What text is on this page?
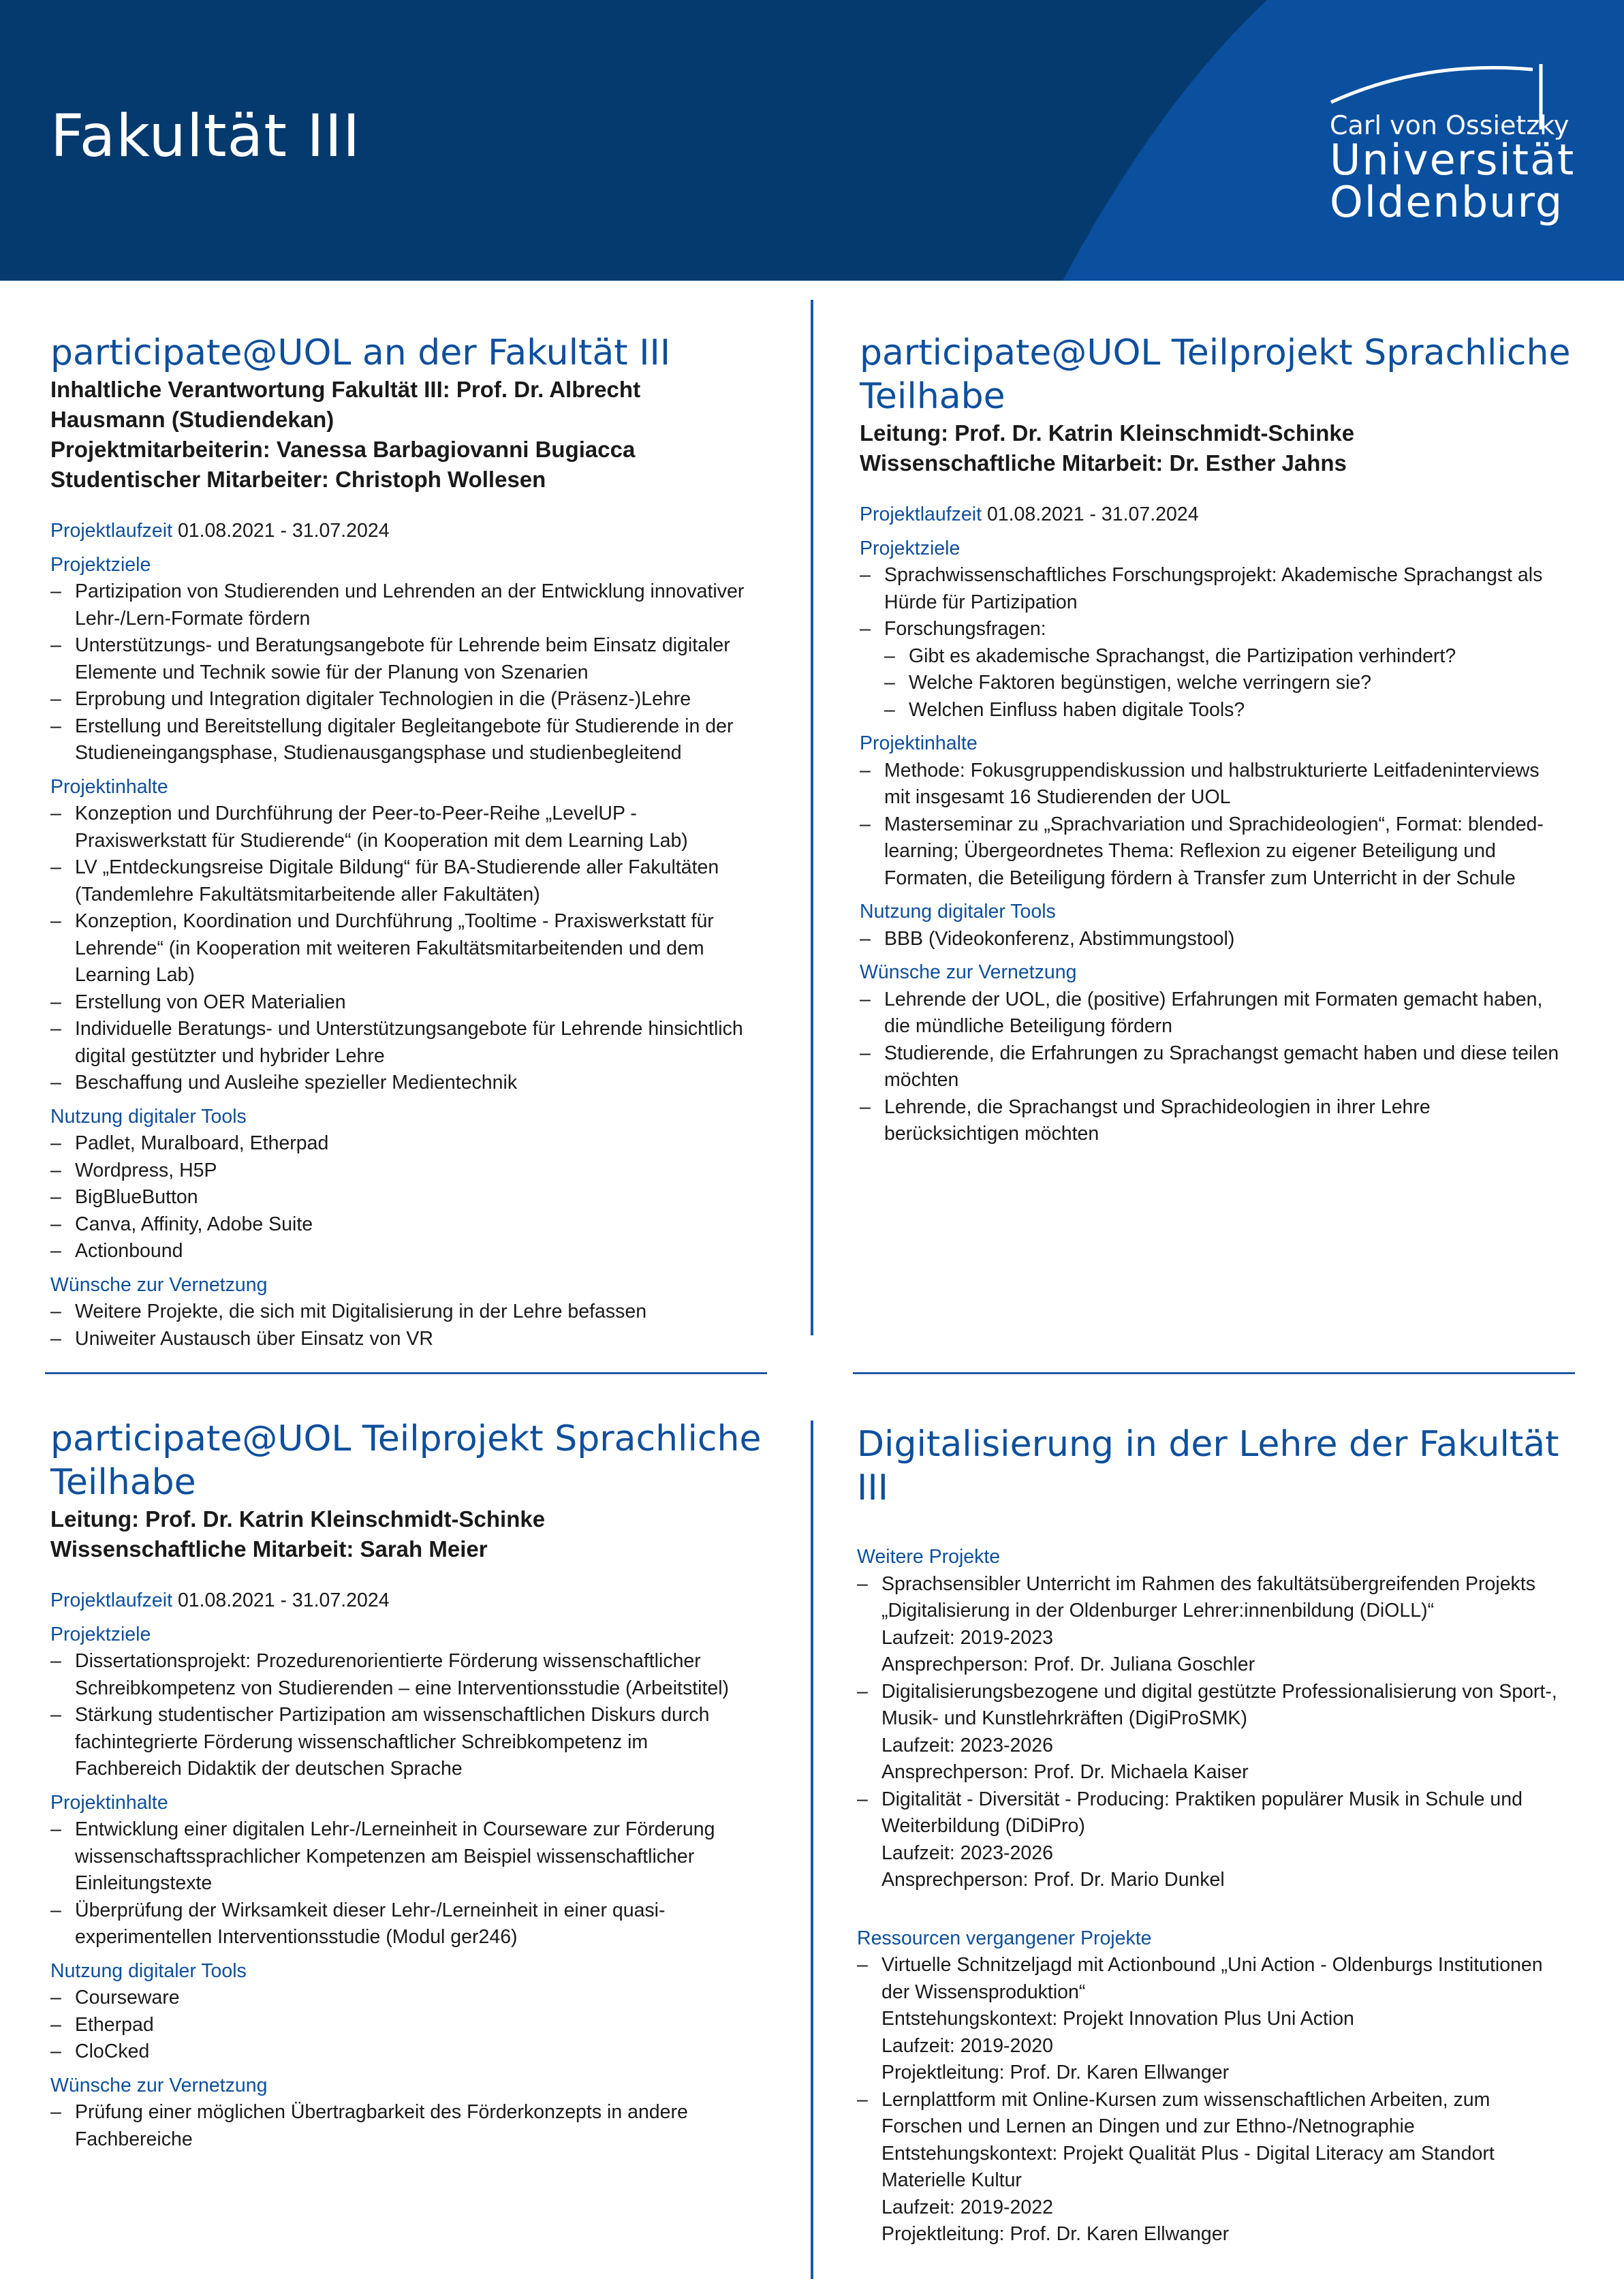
Fakultät III	Carl von Ossietzky
Universität
Oldenburg
participate@UOL an der Fakultät III
Inhaltliche Verantwortung Fakultät III: Prof. Dr. Albrecht
Hausmann (Studiendekan)
Projektmitarbeiterin: Vanessa Barbagiovanni Bugiacca
Studentischer Mitarbeiter: Christoph Wollesen
Projektlaufzeit 01.08.2021 - 31.07.2024
Projektziele
– Partizipation von Studierenden und Lehrenden an der Entwicklung innovativer
Lehr-/Lern-Formate fördern
– Unterstützungs- und Beratungsangebote für Lehrende beim Einsatz digitaler
Elemente und Technik sowie für der Planung von Szenarien
– Erprobung und Integration digitaler Technologien in die (Präsenz-)Lehre
– Erstellung und Bereitstellung digitaler Begleitangebote für Studierende in der
Studieneingangsphase, Studienausgangsphase und studienbegleitend
Projektinhalte
– Konzeption und Durchführung der Peer-to-Peer-Reihe „LevelUP -
Praxiswerkstatt für Studierende“ (in Kooperation mit dem Learning Lab)
– LV „Entdeckungsreise Digitale Bildung“ für BA-Studierende aller Fakultäten
(Tandemlehre Fakultätsmitarbeitende aller Fakultäten)
– Konzeption, Koordination und Durchführung „Tooltime - Praxiswerkstatt für
Lehrende“ (in Kooperation mit weiteren Fakultätsmitarbeitenden und dem
Learning Lab)
– Erstellung von OER Materialien
– Individuelle Beratungs- und Unterstützungsangebote für Lehrende hinsichtlich
digital gestützter und hybrider Lehre
– Beschaffung und Ausleihe spezieller Medientechnik
Nutzung digitaler Tools
– Padlet, Muralboard, Etherpad
– Wordpress, H5P
– BigBlueButton
– Canva, Affinity, Adobe Suite
– Actionbound
Wünsche zur Vernetzung
– Weitere Projekte, die sich mit Digitalisierung in der Lehre befassen
– Uniweiter Austausch über Einsatz von VR
participate@UOL Teilprojekt Sprachliche
Teilhabe
Leitung: Prof. Dr. Katrin Kleinschmidt-Schinke
Wissenschaftliche Mitarbeit: Dr. Esther Jahns
Projektlaufzeit 01.08.2021 - 31.07.2024
Projektziele
– Sprachwissenschaftliches Forschungsprojekt: Akademische Sprachangst als
Hürde für Partizipation
– Forschungsfragen:
– Gibt es akademische Sprachangst, die Partizipation verhindert?
– Welche Faktoren begünstigen, welche verringern sie?
– Welchen Einfluss haben digitale Tools?
Projektinhalte
– Methode: Fokusgruppendiskussion und halbstrukturierte Leitfadeninterviews
mit insgesamt 16 Studierenden der UOL
– Masterseminar zu „Sprachvariation und Sprachideologien“, Format: blended-
learning; Übergeordnetes Thema: Reflexion zu eigener Beteiligung und
Formaten, die Beteiligung fördern à Transfer zum Unterricht in der Schule
Nutzung digitaler Tools
– BBB (Videokonferenz, Abstimmungstool)
Wünsche zur Vernetzung
– Lehrende der UOL, die (positive) Erfahrungen mit Formaten gemacht haben,
die mündliche Beteiligung fördern
– Studierende, die Erfahrungen zu Sprachangst gemacht haben und diese teilen
möchten
– Lehrende, die Sprachangst und Sprachideologien in ihrer Lehre
berücksichtigen möchten
participate@UOL Teilprojekt Sprachliche
Teilhabe
Leitung: Prof. Dr. Katrin Kleinschmidt-Schinke
Wissenschaftliche Mitarbeit: Sarah Meier
Projektlaufzeit 01.08.2021 - 31.07.2024
Projektziele
– Dissertationsprojekt: Prozedurenorientierte Förderung wissenschaftlicher
Schreibkompetenz von Studierenden – eine Interventionsstudie (Arbeitstitel)
– Stärkung studentischer Partizipation am wissenschaftlichen Diskurs durch
fachintegrierte Förderung wissenschaftlicher Schreibkompetenz im
Fachbereich Didaktik der deutschen Sprache
Projektinhalte
– Entwicklung einer digitalen Lehr-/Lerneinheit in Courseware zur Förderung
wissenschaftssprachlicher Kompetenzen am Beispiel wissenschaftlicher
Einleitungstexte
– Überprüfung der Wirksamkeit dieser Lehr-/Lerneinheit in einer quasi-
experimentellen Interventionsstudie (Modul ger246)
Nutzung digitaler Tools
– Courseware
– Etherpad
– CloCked
Wünsche zur Vernetzung
– Prüfung einer möglichen Übertragbarkeit des Förderkonzepts in andere
Fachbereiche
Digitalisierung in der Lehre der Fakultät III
Weitere Projekte
– Sprachsensibler Unterricht im Rahmen des fakultätsübergreifenden Projekts
„Digitalisierung in der Oldenburger Lehrer:innenbildung (DiOLL)“
Laufzeit: 2019-2023
Ansprechperson: Prof. Dr. Juliana Goschler
– Digitalisierungsbezogene und digital gestützte Professionalisierung von Sport-,
Musik- und Kunstlehrkräften (DigiProSMK)
Laufzeit: 2023-2026
Ansprechperson: Prof. Dr. Michaela Kaiser
– Digitalität - Diversität - Producing: Praktiken populärer Musik in Schule und
Weiterbildung (DiDiPro)
Laufzeit: 2023-2026
Ansprechperson: Prof. Dr. Mario Dunkel
Ressourcen vergangener Projekte
– Virtuelle Schnitzeljagd mit Actionbound „Uni Action - Oldenburgs Institutionen
der Wissensproduktion“
Entstehungskontext: Projekt Innovation Plus Uni Action
Laufzeit: 2019-2020
Projektleitung: Prof. Dr. Karen Ellwanger
– Lernplattform mit Online-Kursen zum wissenschaftlichen Arbeiten, zum
Forschen und Lernen an Dingen und zur Ethno-/Netnographie
Entstehungskontext: Projekt Qualität Plus - Digital Literacy am Standort
Materielle Kultur
Laufzeit: 2019-2022
Projektleitung: Prof. Dr. Karen Ellwanger
